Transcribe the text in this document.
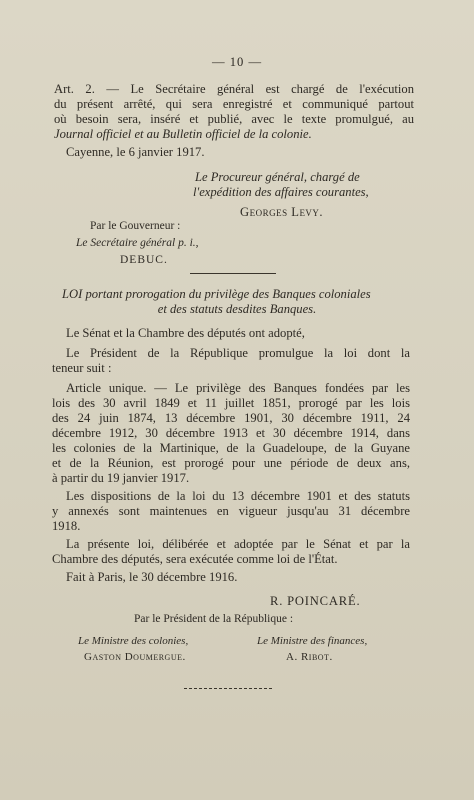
— 10 —
Art. 2. — Le Secrétaire général est chargé de l'exécution
du présent arrêté, qui sera enregistré et communiqué partout
où besoin sera, inséré et publié, avec le texte promulgué, au
Journal officiel et au Bulletin officiel de la colonie.
Cayenne, le 6 janvier 1917.
Le Procureur général, chargé de
l'expédition des affaires courantes,
Georges Levy.
Par le Gouverneur :
Le Secrétaire général p. i.,
DEBUC.
LOI portant prorogation du privilège des Banques coloniales
et des statuts desdites Banques.
Le Sénat et la Chambre des députés ont adopté,
Le Président de la République promulgue la loi dont la
teneur suit :
Article unique. — Le privilège des Banques fondées par les
lois des 30 avril 1849 et 11 juillet 1851, prorogé par les lois
des 24 juin 1874, 13 décembre 1901, 30 décembre 1911, 24
décembre 1912, 30 décembre 1913 et 30 décembre 1914, dans
les colonies de la Martinique, de la Guadeloupe, de la Guyane
et de la Réunion, est prorogé pour une période de deux ans,
à partir du 19 janvier 1917.
Les dispositions de la loi du 13 décembre 1901 et des statuts
y annexés sont maintenues en vigueur jusqu'au 31 décembre
1918.
La présente loi, délibérée et adoptée par le Sénat et par la
Chambre des députés, sera exécutée comme loi de l'État.
Fait à Paris, le 30 décembre 1916.
R. POINCARÉ.
Par le Président de la République :
Le Ministre des colonies,	Le Ministre des finances,
Gaston Doumergue.	A. Ribot.
